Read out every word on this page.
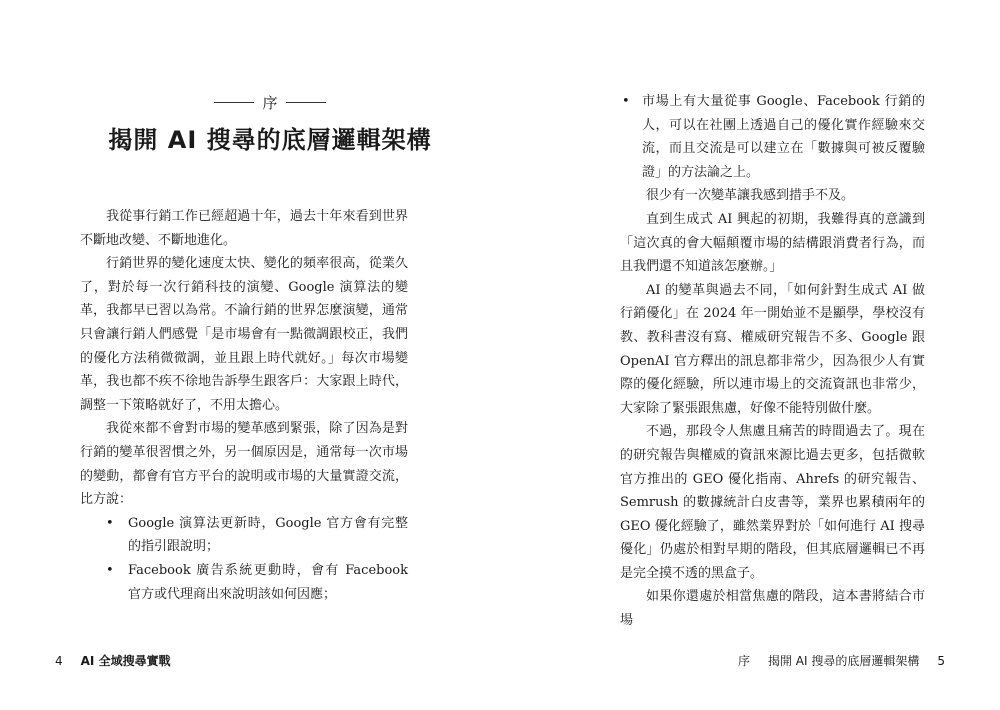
序
揭開 AI 搜尋的底層邏輯架構

我從事行銷工作已經超過十年，過去十年來看到世界不斷地改變、不斷地進化。

行銷世界的變化速度太快、變化的頻率很高，從業久了，對於每一次行銷科技的演變、Google 演算法的變革，我都早已習以為常。不論行銷的世界怎麼演變，通常只會讓行銷人們感覺「是市場會有一點微調跟校正，我們的優化方法稍微微調，並且跟上時代就好。」每次市場變革，我也都不疾不徐地告訴學生跟客戶：大家跟上時代，調整一下策略就好了，不用太擔心。

我從來都不會對市場的變革感到緊張，除了因為是對行銷的變革很習慣之外，另一個原因是，通常每一次市場的變動，都會有官方平台的說明或市場的大量實證交流，比方說：

• Google 演算法更新時，Google 官方會有完整的指引跟說明；
• Facebook 廣告系統更動時，會有 Facebook 官方或代理商出來說明該如何因應；
4 AI 全域搜尋實戰
• 市場上有大量從事 Google、Facebook 行銷的人，可以在社團上透過自己的優化實作經驗來交流，而且交流是可以建立在「數據與可被反覆驗證」的方法論之上。

很少有一次變革讓我感到措手不及。

直到生成式 AI 興起的初期，我難得真的意識到「這次真的會大幅顛覆市場的結構跟消費者行為，而且我們還不知道該怎麼辦。」

AI 的變革與過去不同，「如何針對生成式 AI 做行銷優化」在 2024 年一開始並不是顯學，學校沒有教、教科書沒有寫、權威研究報告不多、Google 跟 OpenAI 官方釋出的訊息都非常少，因為很少人有實際的優化經驗，所以連市場上的交流資訊也非常少，大家除了緊張跟焦慮，好像不能特別做什麼。

不過，那段令人焦慮且痛苦的時間過去了。現在的研究報告與權威的資訊來源比過去更多，包括微軟官方推出的 GEO 優化指南、Ahrefs 的研究報告、Semrush 的數據統計白皮書等，業界也累積兩年的 GEO 優化經驗了，雖然業界對於「如何進行 AI 搜尋優化」仍處於相對早期的階段，但其底層邏輯已不再是完全摸不透的黑盒子。

如果你還處於相當焦慮的階段，這本書將結合市場

序 揭開 AI 搜尋的底層邏輯架構 5
